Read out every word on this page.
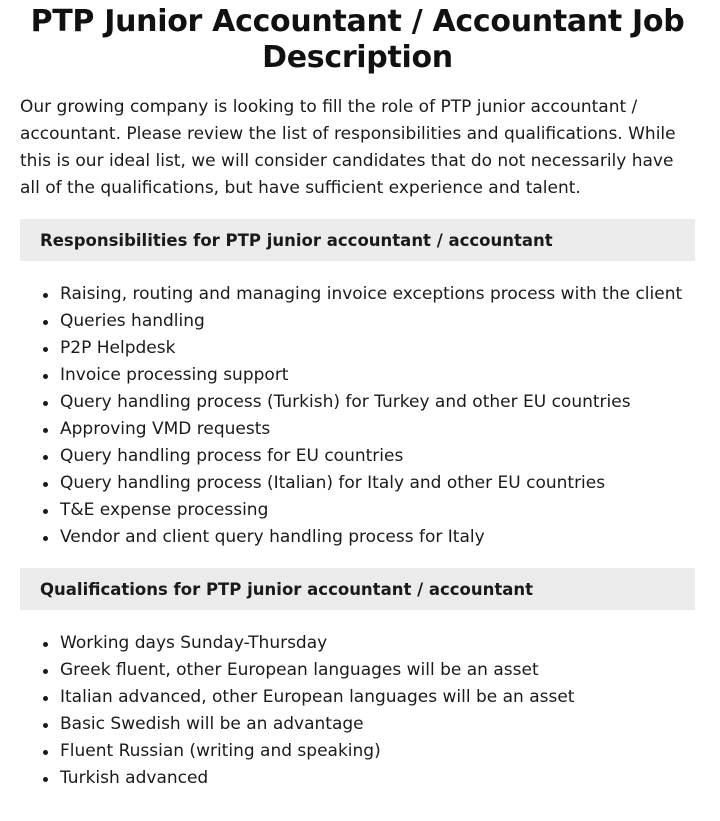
PTP Junior Accountant / Accountant Job Description

Our growing company is looking to fill the role of PTP junior accountant / accountant. Please review the list of responsibilities and qualifications. While this is our ideal list, we will consider candidates that do not necessarily have all of the qualifications, but have sufficient experience and talent.

Responsibilities for PTP junior accountant / accountant
Raising, routing and managing invoice exceptions process with the client
Queries handling
P2P Helpdesk
Invoice processing support
Query handling process (Turkish) for Turkey and other EU countries
Approving VMD requests
Query handling process for EU countries
Query handling process (Italian) for Italy and other EU countries
T&E expense processing
Vendor and client query handling process for Italy
Qualifications for PTP junior accountant / accountant
Working days Sunday-Thursday
Greek fluent, other European languages will be an asset
Italian advanced, other European languages will be an asset
Basic Swedish will be an advantage
Fluent Russian (writing and speaking)
Turkish advanced
